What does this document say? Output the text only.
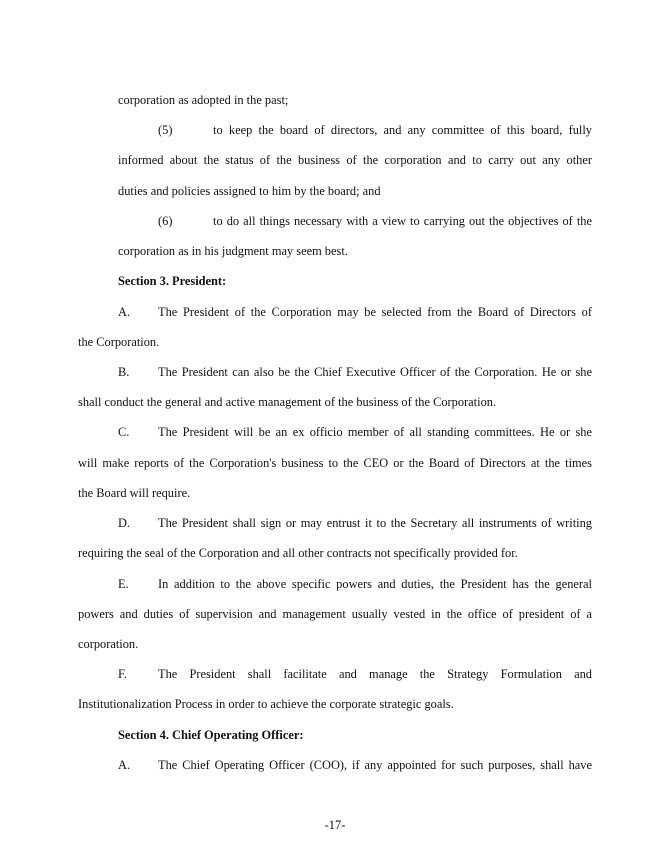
corporation as adopted in the past;
(5)	to keep the board of directors, and any committee of this board, fully
informed about the status of the business of the corporation and to carry out any other
duties and policies assigned to him by the board; and
(6)	to do all things necessary with a view to carrying out the objectives of the
corporation as in his judgment may seem best.
Section 3. President:
A. The President of the Corporation may be selected from the Board of Directors of
the Corporation.
B. The President can also be the Chief Executive Officer of the Corporation. He or she
shall conduct the general and active management of the business of the Corporation.
C. The President will be an ex officio member of all standing committees. He or she
will make reports of the Corporation's business to the CEO or the Board of Directors at the times
the Board will require.
D. The President shall sign or may entrust it to the Secretary all instruments of writing
requiring the seal of the Corporation and all other contracts not specifically provided for.
E. In addition to the above specific powers and duties, the President has the general
powers and duties of supervision and management usually vested in the office of president of a
corporation.
F.	The President shall facilitate and manage the Strategy Formulation and
Institutionalization Process in order to achieve the corporate strategic goals.
Section 4. Chief Operating Officer:
A. The Chief Operating Officer (COO), if any appointed for such purposes, shall have
-17-
